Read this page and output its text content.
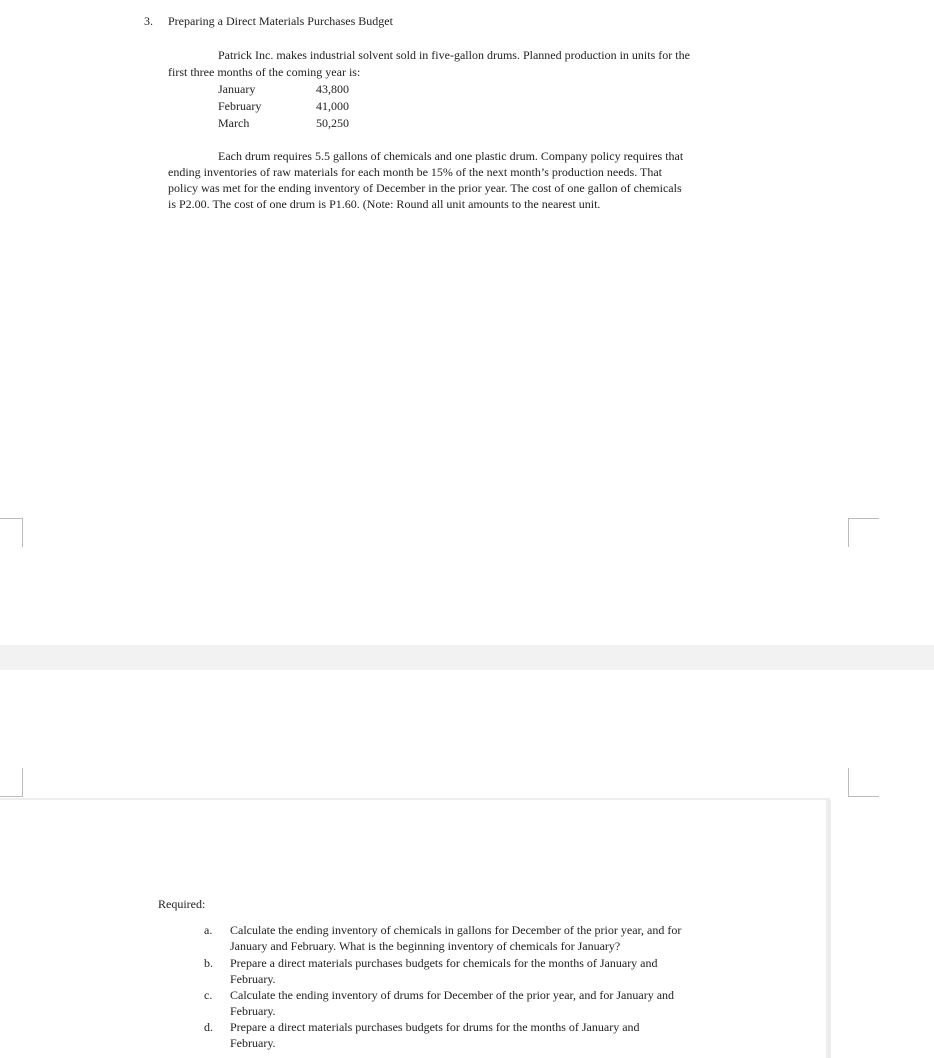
3. Preparing a Direct Materials Purchases Budget
Patrick Inc. makes industrial solvent sold in five-gallon drums. Planned production in units for the
first three months of the coming year is:
January	43,800
February	41,000
March	50,250
Each drum requires 5.5 gallons of chemicals and one plastic drum. Company policy requires that
ending inventories of raw materials for each month be 15% of the next month’s production needs. That
policy was met for the ending inventory of December in the prior year. The cost of one gallon of chemicals
is P2.00. The cost of one drum is P1.60. (Note: Round all unit amounts to the nearest unit.
Required:
a. Calculate the ending inventory of chemicals in gallons for December of the prior year, and for
January and February. What is the beginning inventory of chemicals for January?
b. Prepare a direct materials purchases budgets for chemicals for the months of January and
February.
c. Calculate the ending inventory of drums for December of the prior year, and for January and
February.
d. Prepare a direct materials purchases budgets for drums for the months of January and
February.
